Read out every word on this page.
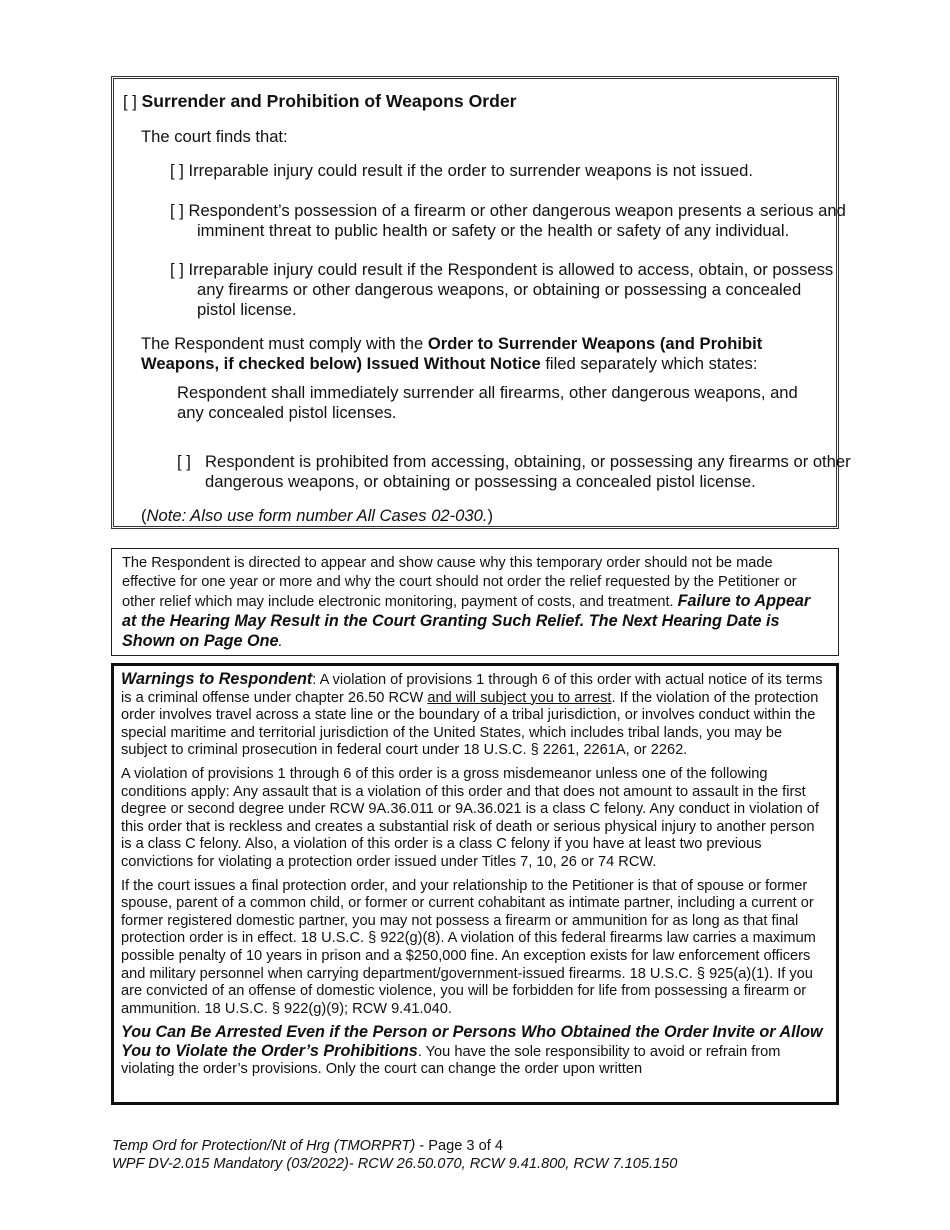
[ ] Surrender and Prohibition of Weapons Order
The court finds that:
[ ] Irreparable injury could result if the order to surrender weapons is not issued.
[ ] Respondent’s possession of a firearm or other dangerous weapon presents a serious and imminent threat to public health or safety or the health or safety of any individual.
[ ] Irreparable injury could result if the Respondent is allowed to access, obtain, or possess any firearms or other dangerous weapons, or obtaining or possessing a concealed pistol license.
The Respondent must comply with the Order to Surrender Weapons (and Prohibit Weapons, if checked below) Issued Without Notice filed separately which states:
Respondent shall immediately surrender all firearms, other dangerous weapons, and any concealed pistol licenses.
[ ] Respondent is prohibited from accessing, obtaining, or possessing any firearms or other dangerous weapons, or obtaining or possessing a concealed pistol license.
(Note: Also use form number All Cases 02-030.)
The Respondent is directed to appear and show cause why this temporary order should not be made effective for one year or more and why the court should not order the relief requested by the Petitioner or other relief which may include electronic monitoring, payment of costs, and treatment. Failure to Appear at the Hearing May Result in the Court Granting Such Relief. The Next Hearing Date is Shown on Page One.

Warnings to Respondent: A violation of provisions 1 through 6 of this order with actual notice of its terms is a criminal offense under chapter 26.50 RCW and will subject you to arrest. If the violation of the protection order involves travel across a state line or the boundary of a tribal jurisdiction, or involves conduct within the special maritime and territorial jurisdiction of the United States, which includes tribal lands, you may be subject to criminal prosecution in federal court under 18 U.S.C. § 2261, 2261A, or 2262.

A violation of provisions 1 through 6 of this order is a gross misdemeanor unless one of the following conditions apply: Any assault that is a violation of this order and that does not amount to assault in the first degree or second degree under RCW 9A.36.011 or 9A.36.021 is a class C felony. Any conduct in violation of this order that is reckless and creates a substantial risk of death or serious physical injury to another person is a class C felony. Also, a violation of this order is a class C felony if you have at least two previous convictions for violating a protection order issued under Titles 7, 10, 26 or 74 RCW.

If the court issues a final protection order, and your relationship to the Petitioner is that of spouse or former spouse, parent of a common child, or former or current cohabitant as intimate partner, including a current or former registered domestic partner, you may not possess a firearm or ammunition for as long as that final protection order is in effect. 18 U.S.C. § 922(g)(8). A violation of this federal firearms law carries a maximum possible penalty of 10 years in prison and a $250,000 fine. An exception exists for law enforcement officers and military personnel when carrying department/government-issued firearms. 18 U.S.C. § 925(a)(1). If you are convicted of an offense of domestic violence, you will be forbidden for life from possessing a firearm or ammunition. 18 U.S.C. § 922(g)(9); RCW 9.41.040.

You Can Be Arrested Even if the Person or Persons Who Obtained the Order Invite or Allow You to Violate the Order’s Prohibitions. You have the sole responsibility to avoid or refrain from violating the order’s provisions. Only the court can change the order upon written

Temp Ord for Protection/Nt of Hrg (TMORPRT) - Page 3 of 4
WPF DV-2.015 Mandatory (03/2022)- RCW 26.50.070, RCW 9.41.800, RCW 7.105.150
